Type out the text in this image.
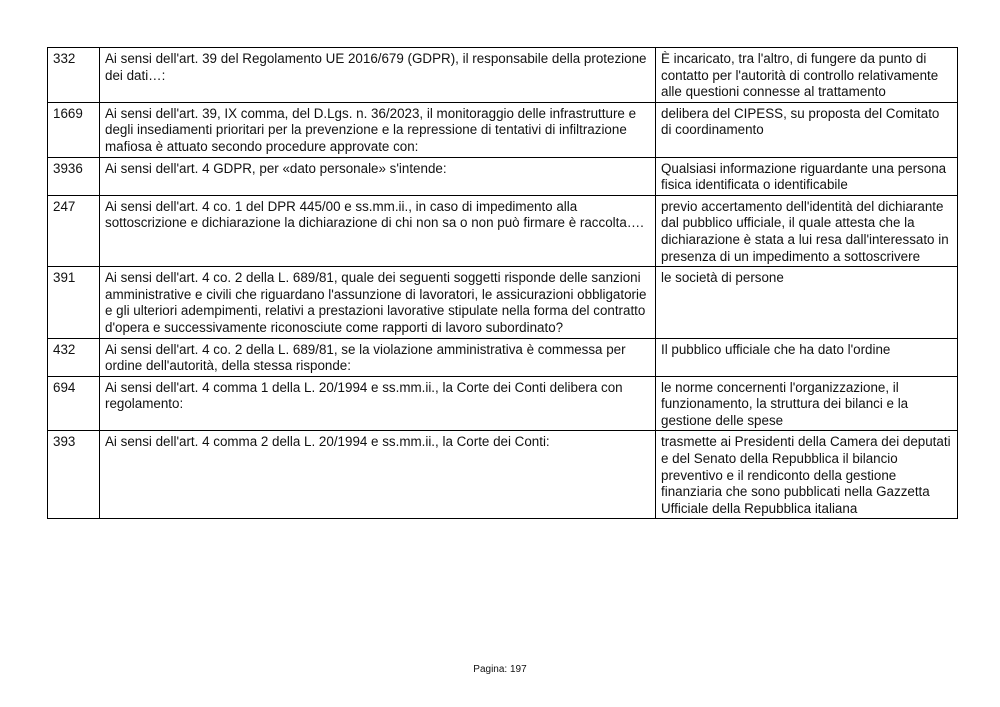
332	Ai sensi dell'art. 39 del Regolamento UE 2016/679 (GDPR), il responsabile della protezione dei dati…:	È incaricato, tra l'altro, di fungere da punto di contatto per l'autorità di controllo relativamente alle questioni connesse al trattamento
1669	Ai sensi dell'art. 39, IX comma, del D.Lgs. n. 36/2023, il monitoraggio delle infrastrutture e degli insediamenti prioritari per la prevenzione e la repressione di tentativi di infiltrazione mafiosa è attuato secondo procedure approvate con:	delibera del CIPESS, su proposta del Comitato di coordinamento
3936	Ai sensi dell'art. 4 GDPR, per «dato personale» s'intende:	Qualsiasi informazione riguardante una persona fisica identificata o identificabile
247	Ai sensi dell'art. 4 co. 1 del DPR 445/00 e ss.mm.ii., in caso di impedimento alla sottoscrizione e dichiarazione la dichiarazione di chi non sa o non può firmare è raccolta….	previo accertamento dell'identità del dichiarante dal pubblico ufficiale, il quale attesta che la dichiarazione è stata a lui resa dall'interessato in presenza di un impedimento a sottoscrivere
391	Ai sensi dell'art. 4 co. 2 della L. 689/81, quale dei seguenti soggetti risponde delle sanzioni amministrative e civili che riguardano l'assunzione di lavoratori, le assicurazioni obbligatorie e gli ulteriori adempimenti, relativi a prestazioni lavorative stipulate nella forma del contratto d'opera e successivamente riconosciute come rapporti di lavoro subordinato?	le società di persone
432	Ai sensi dell'art. 4 co. 2 della L. 689/81, se la violazione amministrativa è commessa per ordine dell'autorità, della stessa risponde:	Il pubblico ufficiale che ha dato l'ordine
694	Ai sensi dell'art. 4 comma 1 della L. 20/1994 e ss.mm.ii., la Corte dei Conti delibera con regolamento:	le norme concernenti l'organizzazione, il funzionamento, la struttura dei bilanci e la gestione delle spese
393	Ai sensi dell'art. 4 comma 2 della L. 20/1994 e ss.mm.ii., la Corte dei Conti:	trasmette ai Presidenti della Camera dei deputati e del Senato della Repubblica il bilancio preventivo e il rendiconto della gestione finanziaria che sono pubblicati nella Gazzetta Ufficiale della Repubblica italiana
Pagina: 197
